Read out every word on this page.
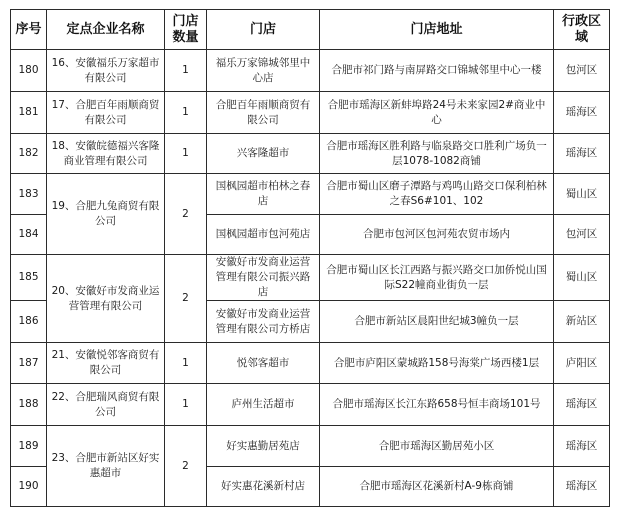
序号	定点企业名称	门店数量	门店	门店地址	行政区域
180	16、安徽福乐万家超市有限公司	1	福乐万家锦城邻里中心店	合肥市祁门路与南屏路交口锦城邻里中心一楼	包河区
181	17、合肥百年雨顺商贸有限公司	1	合肥百年雨顺商贸有限公司	合肥市瑶海区新蚌埠路24号未来家园2#商业中心	瑶海区
182	18、安徽皖德福兴客隆商业管理有限公司	1	兴客隆超市	合肥市瑶海区胜利路与临泉路交口胜利广场负一层1078-1082商铺	瑶海区
183	19、合肥九兔商贸有限公司	2	国枫园超市柏林之春店	合肥市蜀山区磨子潭路与鸡鸣山路交口保利柏林之春S6#101、102	蜀山区
184			国枫园超市包河苑店	合肥市包河区包河苑农贸市场内	包河区
185	20、安徽好市发商业运营管理有限公司	2	安徽好市发商业运营管理有限公司振兴路店	合肥市蜀山区长江西路与振兴路交口加侨悦山国际S22幢商业街负一层	蜀山区
186			安徽好市发商业运营管理有限公司方桥店	合肥市新站区晨阳世纪城3幢负一层	新站区
187	21、安徽悦邻客商贸有限公司	1	悦邻客超市	合肥市庐阳区蒙城路158号海棠广场西楼1层	庐阳区
188	22、合肥瑞风商贸有限公司	1	庐州生活超市	合肥市瑶海区长江东路658号恒丰商场101号	瑶海区
189	23、合肥市新站区好实惠超市	2	好实惠勤居苑店	合肥市瑶海区勤居苑小区	瑶海区
190			好实惠花溪新村店	合肥市瑶海区花溪新村A-9栋商铺	瑶海区
